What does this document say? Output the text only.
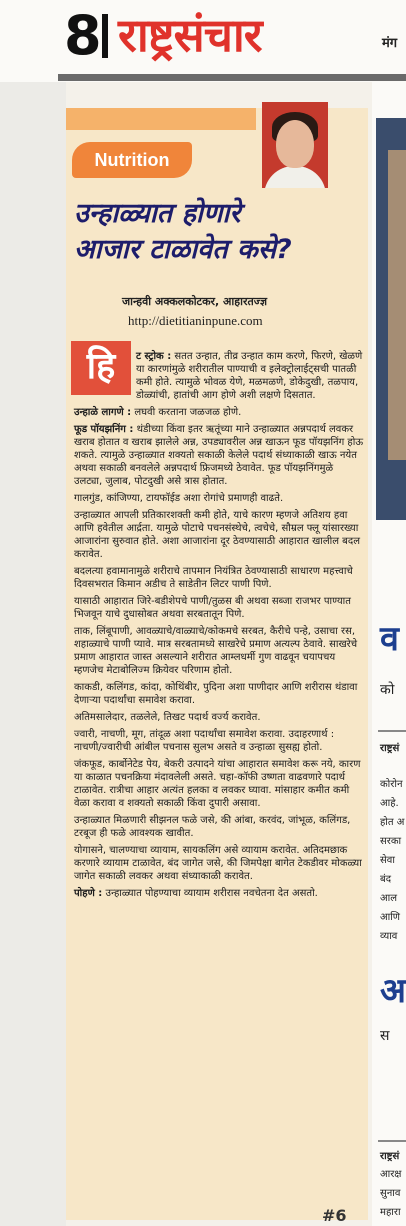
8 राष्ट्रसंचार	मंग
Nutrition
उन्हाळ्यात होणारे
आजार टाळावेत कसे?
जान्हवी अक्कलकोटकर, आहारतज्ज्ञ
http://dietitianinpune.com
हि	ट स्ट्रोक : सतत उन्हात, तीव्र उन्हात काम करणे, फिरणे, खेळणे या कारणांमुळे शरीरातील पाण्याची व इलेक्ट्रोलाईट्सची पातळी कमी होते. त्यामुळे भोवळ येणे, मळमळणे, डोकेदुखी, तळपाय, डोळ्यांची, हातांची आग होणे अशी लक्षणे दिसतात.

उन्हाळे लागणे : लघवी करताना जळजळ होणे.

फूड पॉयझनिंग : थंडीच्या किंवा इतर ऋतूंच्या माने उन्हाळ्यात अन्नपदार्थ लवकर खराब होतात व खराब झालेले अन्न, उपड्यावरील अन्न खाऊन फूड पॉयझनिंग होऊ शकते. त्यामुळे उन्हाळ्यात शक्यतो सकाळी केलेले पदार्थ संध्याकाळी खाऊ नयेत अथवा सकाळी बनवलेले अन्नपदार्थ फ्रिजमध्ये ठेवावेत. फूड पॉयझनिंगमुळे उलट्या, जुलाब, पोटदुखी असे त्रास होतात.

गालगुंड, कांजिण्या, टायफॉईड अशा रोगांचे प्रमाणही वाढते.

उन्हाळ्यात आपली प्रतिकारशक्ती कमी होते, याचे कारण म्हणजे अतिशय हवा आणि हवेतील आर्द्रता. यामुळे पोटाचे पचनसंस्थेचे, त्वचेचे, सौम्रल फ्लू यांसारख्या आजारांना सुरुवात होते. अशा आजारांना दूर ठेवण्यासाठी आहारात खालील बदल करावेत.

बदलत्या हवामानामुळे शरीराचे तापमान नियंत्रित ठेवण्यासाठी साधारण महत्त्वाचे दिवसभरात किमान अडीच ते साडेतीन लिटर पाणी पिणे.

यासाठी आहारात जिरे-बडीशेपचे पाणी/तुळस बी अथवा सब्जा राजभर पाण्यात भिजवून याचे दुधासोबत अथवा सरबतातून पिणे.

ताक, लिंबूपाणी, आवळ्याचे/वाळ्याचे/कोकमचे सरबत, कैरीचे पन्हे, उसाचा रस, शहाळ्याचे पाणी प्यावे. मात्र सरबतामध्ये साखरेचे प्रमाण अत्यल्प ठेवावे. साखरेचे प्रमाण आहारात जास्त असल्याने शरीरात आम्लधर्मी गुण वाढवून चयापचय म्हणजेच मेटाबोलिज्म क्रियेवर परिणाम होतो.

काकडी, कलिंगड, कांदा, कोथिंबीर, पुदिना अशा पाणीदार आणि शरीरास थंडावा देणाऱ्या पदार्थांचा समावेश करावा.

अतिमसालेदार, तळलेले, तिखट पदार्थ वर्ज्य करावेत.

ज्वारी, नाचणी, मूग, तांदूळ अशा पदार्थांचा समावेश करावा. उदाहरणार्थ : नाचणी/ज्वारीची आंबील पचनास सुलभ असते व उन्हाळा सुसह्य होतो.

जंकफूड, कार्बोनेटेड पेय, बेकरी उत्पादने यांचा आहारात समावेश करू नये, कारण या काळात पचनक्रिया मंदावलेली असते. चहा-कॉफी उष्णता वाढवणारे पदार्थ टाळावेत. रात्रीचा आहार अत्यंत हलका व लवकर घ्यावा. मांसाहार कमीत कमी वेळा करावा व शक्यतो सकाळी किंवा दुपारी असावा.

उन्हाळ्यात मिळणारी सीझनल फळे जसे, की आंबा, करवंद, जांभूळ, कलिंगड, टरबूज ही फळे आवश्यक खावीत.

योगासने, चालण्याचा व्यायाम, सायकलिंग असे व्यायाम करावेत. अतिदमछाक करणारे व्यायाम टाळावेत, बंद जागेत जसे, की जिमपेक्षा बागेत टेकडीवर मोकळ्या जागेत सकाळी लवकर अथवा संध्याकाळी करावेत.

पोहणे : उन्हाळ्यात पोहण्याचा व्यायाम शरीरास नवचेतना देत असतो.

#6
व
को
राष्ट्रसं
कोरोन
आहे.
होत अ
सरका
सेवा
बंद
आल
आणि
व्याव
अ
स
राष्ट्रसं
आरक्ष
सुनाव
महारा
